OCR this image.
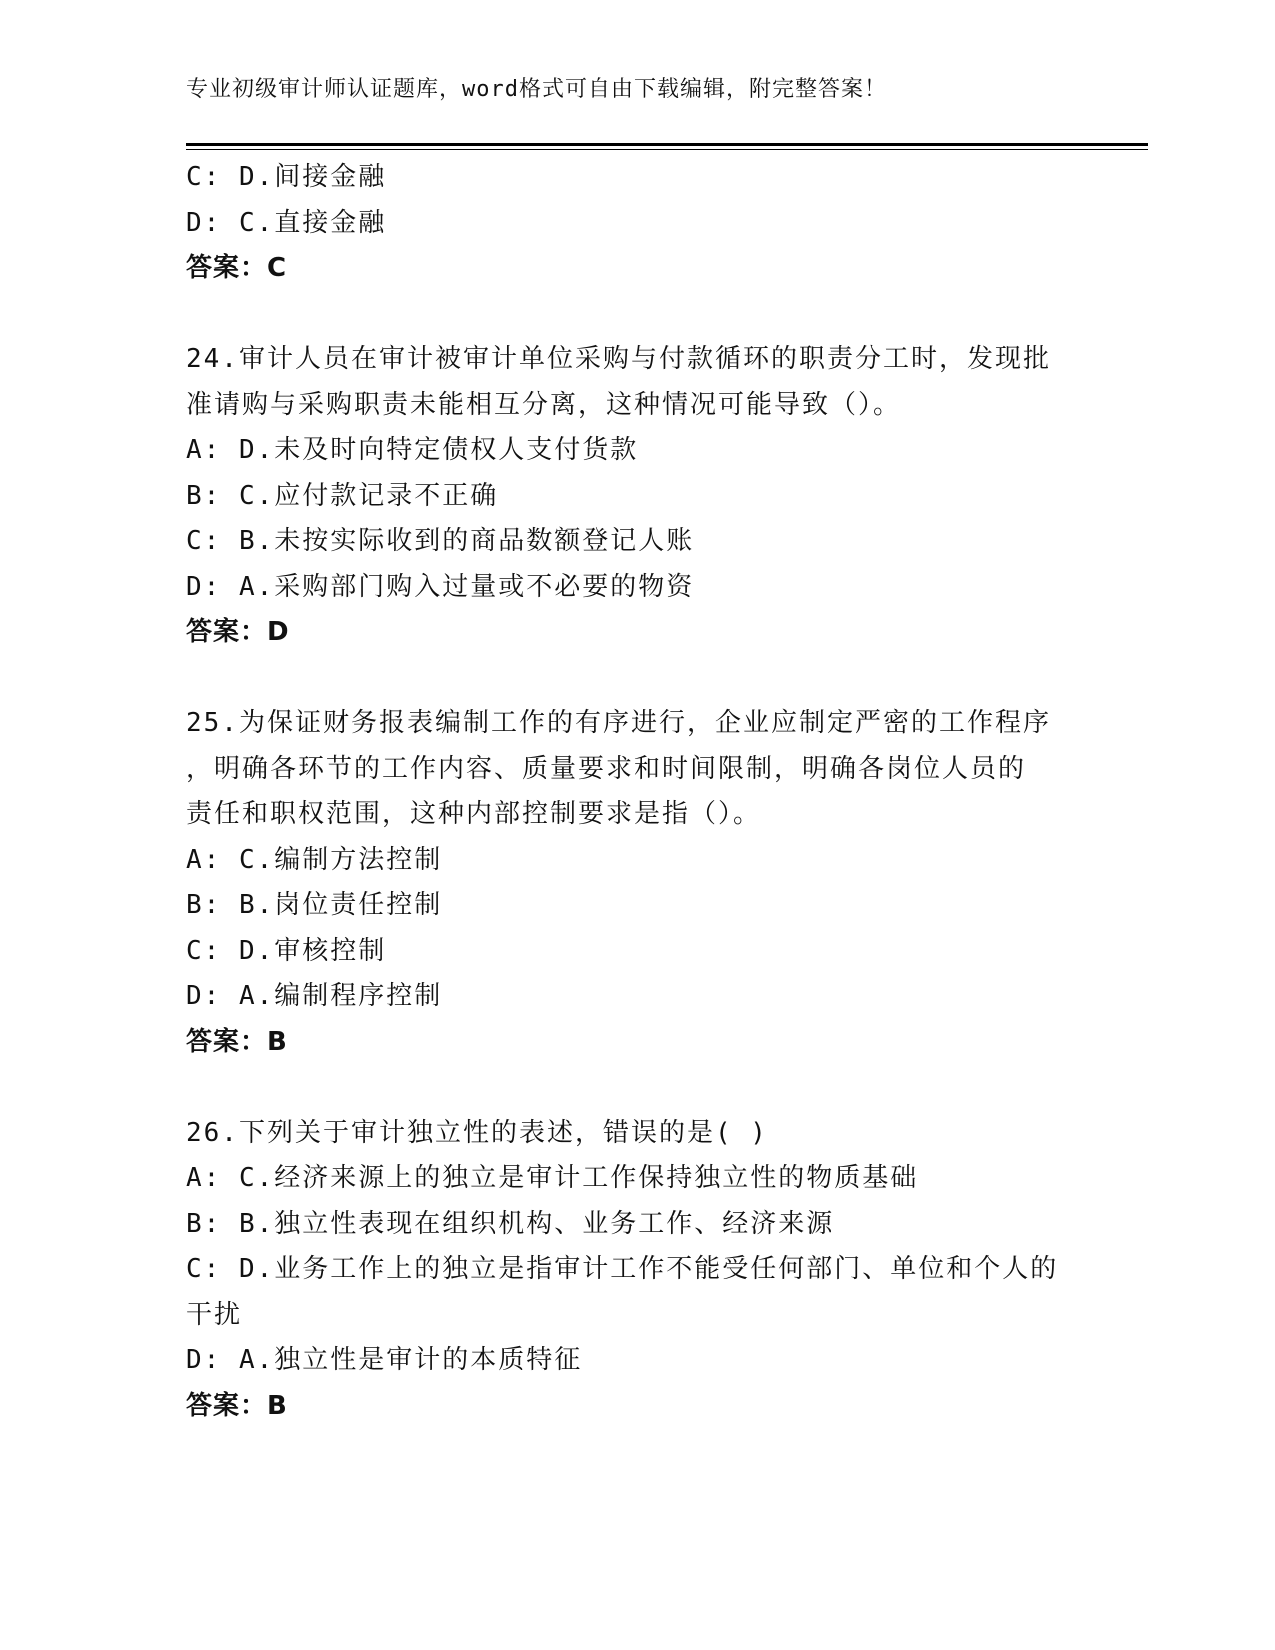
专业初级审计师认证题库，word格式可自由下载编辑，附完整答案！
C: D.间接金融
D: C.直接金融
答案：C
24.审计人员在审计被审计单位采购与付款循环的职责分工时，发现批
准请购与采购职责未能相互分离，这种情况可能导致（）。
A: D.未及时向特定债权人支付货款
B: C.应付款记录不正确
C: B.未按实际收到的商品数额登记人账
D: A.采购部门购入过量或不必要的物资
答案：D
25.为保证财务报表编制工作的有序进行，企业应制定严密的工作程序
，明确各环节的工作内容、质量要求和时间限制，明确各岗位人员的
责任和职权范围，这种内部控制要求是指（）。
A: C.编制方法控制
B: B.岗位责任控制
C: D.审核控制
D: A.编制程序控制
答案：B
26.下列关于审计独立性的表述，错误的是( )
A: C.经济来源上的独立是审计工作保持独立性的物质基础
B: B.独立性表现在组织机构、业务工作、经济来源
C: D.业务工作上的独立是指审计工作不能受任何部门、单位和个人的
干扰
D: A.独立性是审计的本质特征
答案：B
